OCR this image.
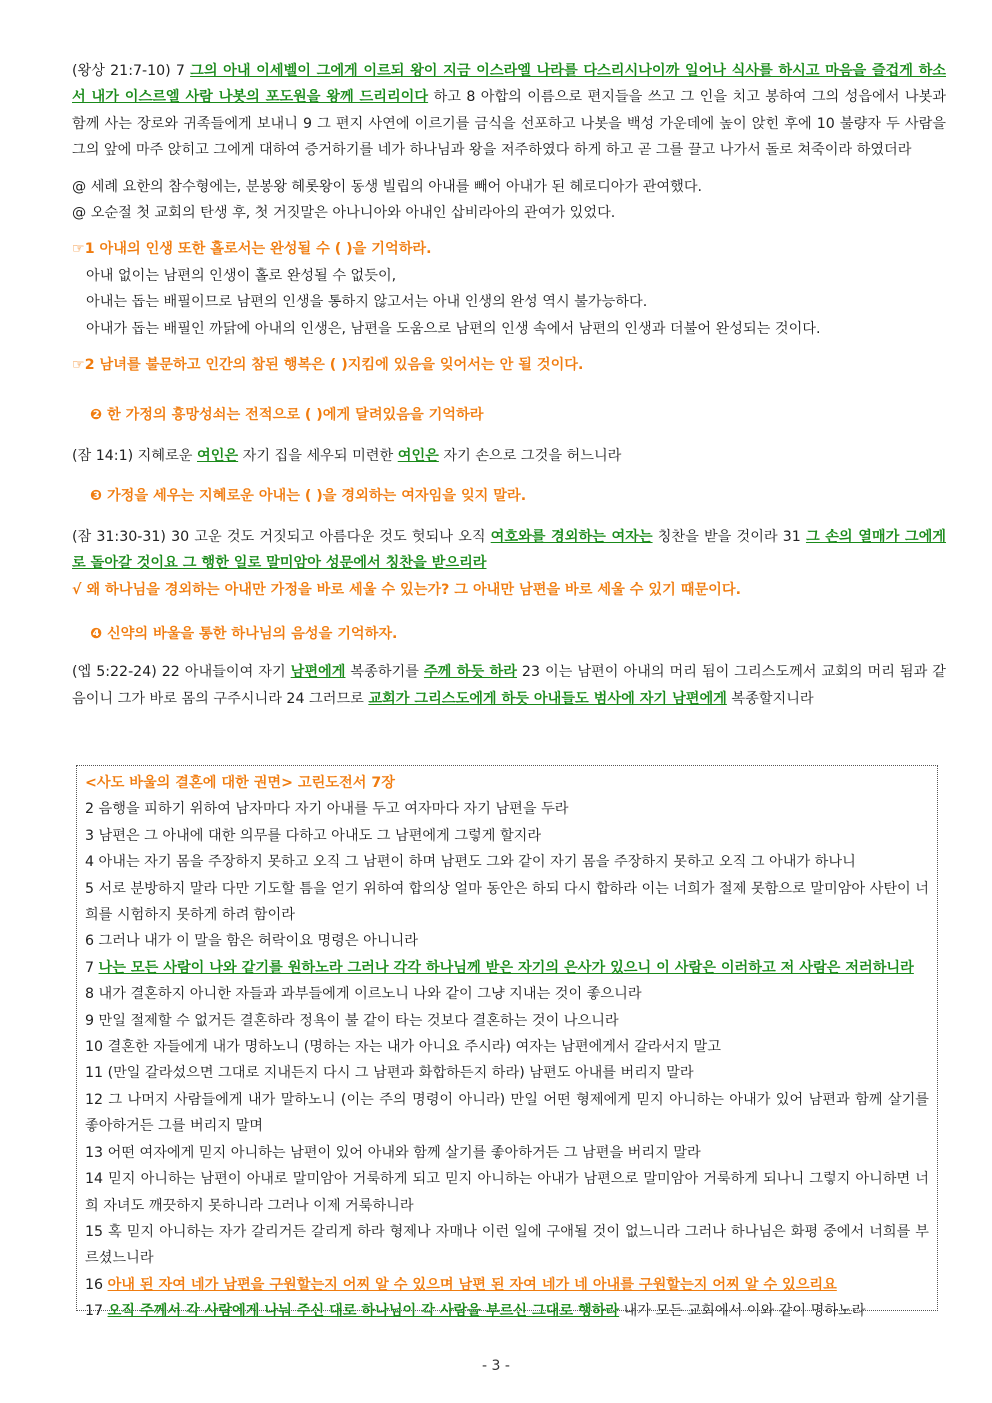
(왕상 21:7-10) 7 그의 아내 이세벨이 그에게 이르되 왕이 지금 이스라엘 나라를 다스리시나이까 일어나 식사를 하시고 마음을 즐겁게 하소서 내가 이스르엘 사람 나봇의 포도원을 왕께 드리리이다 하고 8 아합의 이름으로 편지들을 쓰고 그 인을 치고 봉하여 그의 성읍에서 나봇과 함께 사는 장로와 귀족들에게 보내니 9 그 편지 사연에 이르기를 금식을 선포하고 나봇을 백성 가운데에 높이 앉힌 후에 10 불량자 두 사람을 그의 앞에 마주 앉히고 그에게 대하여 증거하기를 네가 하나님과 왕을 저주하였다 하게 하고 곧 그를 끌고 나가서 돌로 쳐죽이라 하였더라

@ 세례 요한의 참수형에는, 분봉왕 헤롯왕이 동생 빌립의 아내를 빼어 아내가 된 헤로디아가 관여했다.

@ 오순절 첫 교회의 탄생 후, 첫 거짓말은 아나니아와 아내인 삽비라아의 관여가 있었다.

☞1 아내의 인생 또한 홀로서는 완성될 수 ( )을 기억하라.

아내 없이는 남편의 인생이 홀로 완성될 수 없듯이,

아내는 돕는 배필이므로 남편의 인생을 통하지 않고서는 아내 인생의 완성 역시 불가능하다.

아내가 돕는 배필인 까닭에 아내의 인생은, 남편을 도움으로 남편의 인생 속에서 남편의 인생과 더불어 완성되는 것이다.

☞2 남녀를 불문하고 인간의 참된 행복은 ( )지킴에 있음을 잊어서는 안 될 것이다.

❷ 한 가정의 흥망성쇠는 전적으로 ( )에게 달려있음을 기억하라

(잠 14:1) 지혜로운 여인은 자기 집을 세우되 미련한 여인은 자기 손으로 그것을 허느니라

❸ 가정을 세우는 지혜로운 아내는 ( )을 경외하는 여자임을 잊지 말라.

(잠 31:30-31) 30 고운 것도 거짓되고 아름다운 것도 헛되나 오직 여호와를 경외하는 여자는 칭찬을 받을 것이라 31 그 손의 열매가 그에게로 돌아갈 것이요 그 행한 일로 말미암아 성문에서 칭찬을 받으리라

√ 왜 하나님을 경외하는 아내만 가정을 바로 세울 수 있는가? 그 아내만 남편을 바로 세울 수 있기 때문이다.

❹ 신약의 바울을 통한 하나님의 음성을 기억하자.

(엡 5:22-24) 22 아내들이여 자기 남편에게 복종하기를 주께 하듯 하라 23 이는 남편이 아내의 머리 됨이 그리스도께서 교회의 머리 됨과 같음이니 그가 바로 몸의 구주시니라 24 그러므로 교회가 그리스도에게 하듯 아내들도 범사에 자기 남편에게 복종할지니라

<사도 바울의 결혼에 대한 권면> 고린도전서 7장

2 음행을 피하기 위하여 남자마다 자기 아내를 두고 여자마다 자기 남편을 두라

3 남편은 그 아내에 대한 의무를 다하고 아내도 그 남편에게 그렇게 할지라

4 아내는 자기 몸을 주장하지 못하고 오직 그 남편이 하며 남편도 그와 같이 자기 몸을 주장하지 못하고 오직 그 아내가 하나니

5 서로 분방하지 말라 다만 기도할 틈을 얻기 위하여 합의상 얼마 동안은 하되 다시 합하라 이는 너희가 절제 못함으로 말미암아 사탄이 너희를 시험하지 못하게 하려 함이라

6 그러나 내가 이 말을 함은 허락이요 명령은 아니니라

7 나는 모든 사람이 나와 같기를 원하노라 그러나 각각 하나님께 받은 자기의 은사가 있으니 이 사람은 이러하고 저 사람은 저러하니라

8 내가 결혼하지 아니한 자들과 과부들에게 이르노니 나와 같이 그냥 지내는 것이 좋으니라

9 만일 절제할 수 없거든 결혼하라 정욕이 불 같이 타는 것보다 결혼하는 것이 나으니라

10 결혼한 자들에게 내가 명하노니 (명하는 자는 내가 아니요 주시라) 여자는 남편에게서 갈라서지 말고

11 (만일 갈라섰으면 그대로 지내든지 다시 그 남편과 화합하든지 하라) 남편도 아내를 버리지 말라

12 그 나머지 사람들에게 내가 말하노니 (이는 주의 명령이 아니라) 만일 어떤 형제에게 믿지 아니하는 아내가 있어 남편과 함께 살기를 좋아하거든 그를 버리지 말며

13 어떤 여자에게 믿지 아니하는 남편이 있어 아내와 함께 살기를 좋아하거든 그 남편을 버리지 말라

14 믿지 아니하는 남편이 아내로 말미암아 거룩하게 되고 믿지 아니하는 아내가 남편으로 말미암아 거룩하게 되나니 그렇지 아니하면 너희 자녀도 깨끗하지 못하니라 그러나 이제 거룩하니라

15 혹 믿지 아니하는 자가 갈리거든 갈리게 하라 형제나 자매나 이런 일에 구애될 것이 없느니라 그러나 하나님은 화평 중에서 너희를 부르셨느니라

16 아내 된 자여 네가 남편을 구원할는지 어찌 알 수 있으며 남편 된 자여 네가 네 아내를 구원할는지 어찌 알 수 있으리요

17 오직 주께서 각 사람에게 나눠 주신 대로 하나님이 각 사람을 부르신 그대로 행하라 내가 모든 교회에서 이와 같이 명하노라

- 3 -
